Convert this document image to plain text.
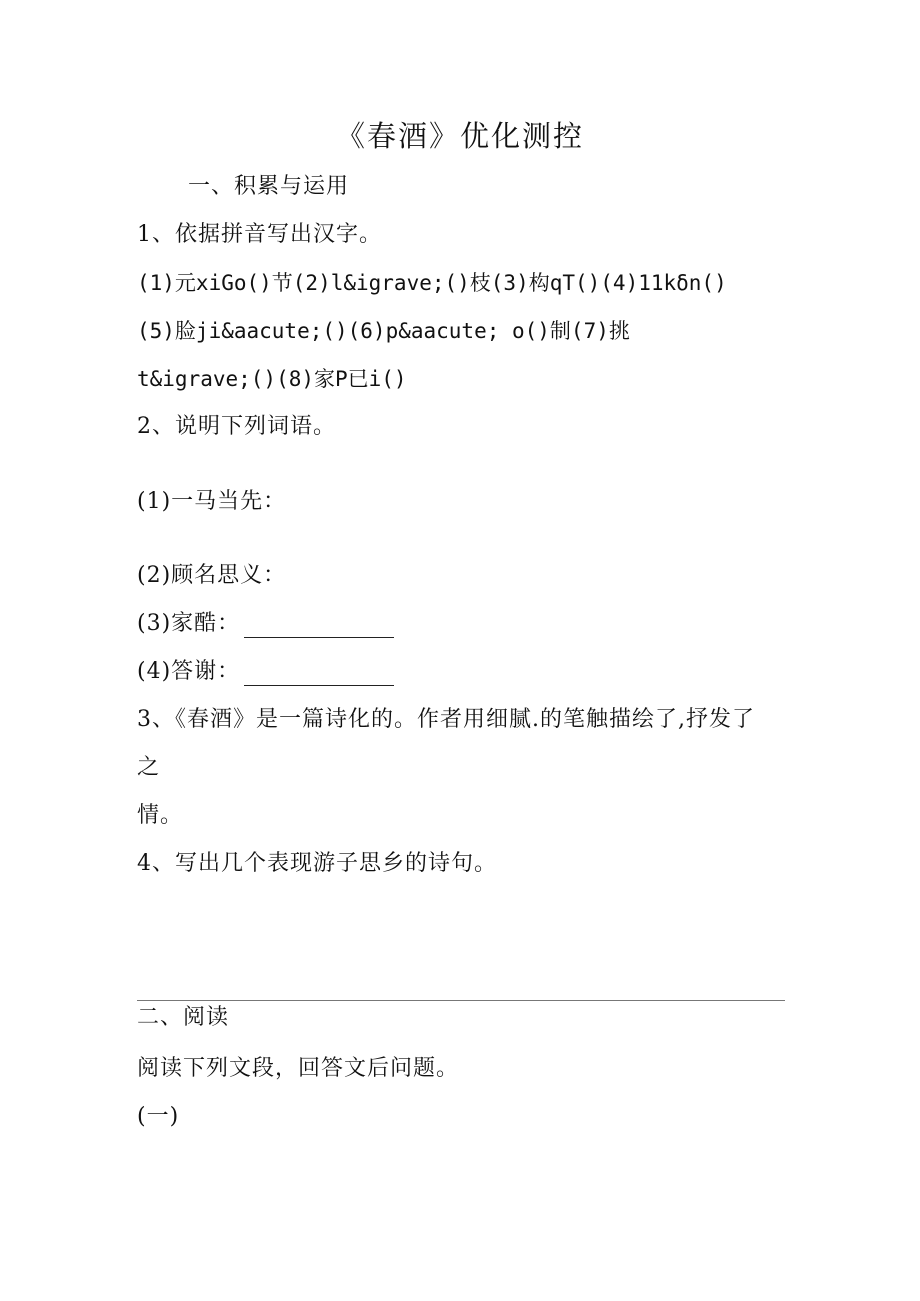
《春酒》优化测控
一、积累与运用
1、依据拼音写出汉字。
(1)元xiGo()节(2)l&igrave;()枝(3)构qT()(4)11kδn()
(5)脸ji&aacute;()(6)p&aacute; o()制(7)挑
t&igrave;()(8)家P已i()
2、说明下列词语。
(1)一马当先：
(2)顾名思义：
(3)家酷：
(4)答谢：
3、《春酒》是一篇诗化的。作者用细腻.的笔触描绘了,抒发了
之
情。
4、写出几个表现游子思乡的诗句。
二、阅读
阅读下列文段，回答文后问题。
(一)
